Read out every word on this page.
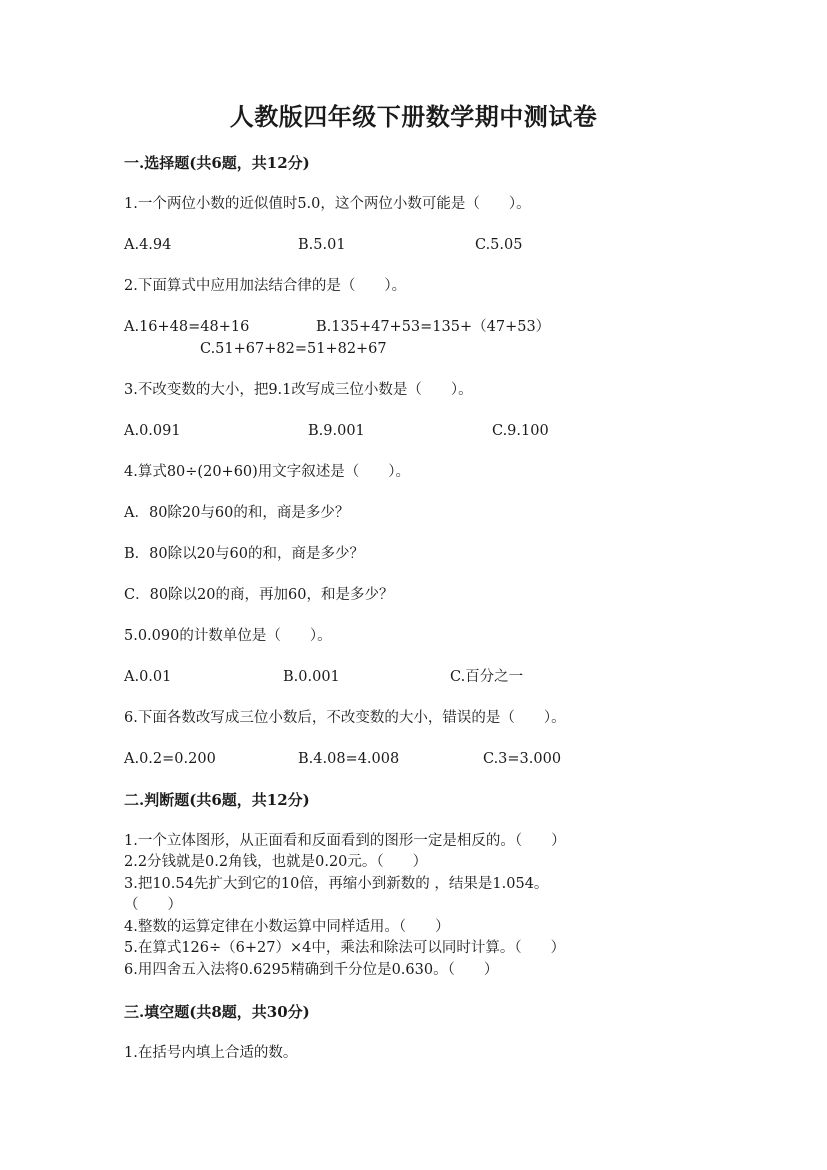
人教版四年级下册数学期中测试卷
一.选择题(共6题，共12分)
1.一个两位小数的近似值时5.0，这个两位小数可能是（　　）。
A.4.94	B.5.01	C.5.05
2.下面算式中应用加法结合律的是（　　）。
A.16+48=48+16	B.135+47+53=135+（47+53）
C.51+67+82=51+82+67
3.不改变数的大小，把9.1改写成三位小数是（　　）。
A.0.091	B.9.001	C.9.100
4.算式80÷(20+60)用文字叙述是（　　）。
A．80除20与60的和，商是多少？
B．80除以20与60的和，商是多少？
C．80除以20的商，再加60，和是多少？
5.0.090的计数单位是（　　）。
A.0.01	B.0.001	C.百分之一
6.下面各数改写成三位小数后，不改变数的大小，错误的是（　　）。
A.0.2=0.200	B.4.08=4.008	C.3=3.000
二.判断题(共6题，共12分)
1.一个立体图形，从正面看和反面看到的图形一定是相反的。（　　）
2.2分钱就是0.2角钱，也就是0.20元。（　　）
3.把10.54先扩大到它的10倍，再缩小到新数的 ，结果是1.054。
（　　）
4.整数的运算定律在小数运算中同样适用。（　　）
5.在算式126÷（6+27）×4中，乘法和除法可以同时计算。（　　）
6.用四舍五入法将0.6295精确到千分位是0.630。（　　）
三.填空题(共8题，共30分)
1.在括号内填上合适的数。
